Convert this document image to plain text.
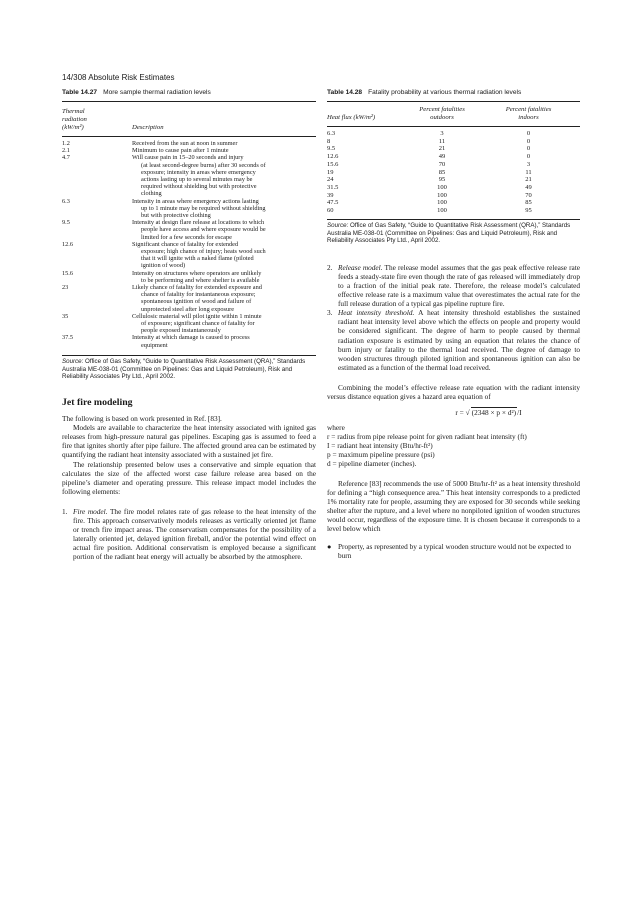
14/308 Absolute Risk Estimates
Table 14.27 More sample thermal radiation levels
Thermal
radiation
(kW/m²)	Description
1.2	Received from the sun at noon in summer
2.1	Minimum to cause pain after 1 minute
4.7	Will cause pain in 15–20 seconds and injury
(at least second-degree burns) after 30 seconds of
exposure; intensity in areas where emergency
actions lasting up to several minutes may be
required without shielding but with protective
clothing
6.3	Intensity in areas where emergency actions lasting
up to 1 minute may be required without shielding
but with protective clothing
9.5	Intensity at design flare release at locations to which
people have access and where exposure would be
limited for a few seconds for escape
12.6	Significant chance of fatality for extended
exposure; high chance of injury; heats wood such
that it will ignite with a naked flame (piloted
ignition of wood)
15.6	Intensity on structures where operators are unlikely
to be performing and where shelter is available
23	Likely chance of fatality for extended exposure and
chance of fatality for instantaneous exposure;
spontaneous ignition of wood and failure of
unprotected steel after long exposure
35	Cellulosic material will pilot ignite within 1 minute
of exposure; significant chance of fatality for
people exposed instantaneously
37.5	Intensity at which damage is caused to process
equipment
Source: Office of Gas Safety, “Guide to Quantitative Risk Assessment (QRA),” Standards Australia ME-038-01 (Committee on Pipelines: Gas and Liquid Petroleum), Risk and Reliability Associates Pty Ltd., April 2002.
Jet fire modeling

The following is based on work presented in Ref. [83].

Models are available to characterize the heat intensity associated with ignited gas releases from high-pressure natural gas pipelines. Escaping gas is assumed to feed a fire that ignites shortly after pipe failure. The affected ground area can be estimated by quantifying the radiant heat intensity associated with a sustained jet fire.

The relationship presented below uses a conservative and simple equation that calculates the size of the affected worst case failure release area based on the pipeline’s diameter and operating pressure. This release impact model includes the following elements:

1. Fire model. The fire model relates rate of gas release to the heat intensity of the fire. This approach conservatively models releases as vertically oriented jet flame or trench fire impact areas. The conservatism compensates for the possibility of a laterally oriented jet, delayed ignition fireball, and/or the potential wind effect on actual fire position. Additional conservatism is employed because a significant portion of the radiant heat energy will actually be absorbed by the atmosphere.
Table 14.28 Fatality probability at various thermal radiation levels
Heat flux (kW/m²)
Percent fatalities
outdoors
Percent fatalities
indoors
6.3	3	0
8	11	0
9.5	21	0
12.6	49	0
15.6	70	3
19	85	11
24	95	21
31.5	100	49
39	100	70
47.5	100	85
60	100	95
Source: Office of Gas Safety, “Guide to Quantitative Risk Assessment (QRA),” Standards Australia ME-038-01 (Committee on Pipelines: Gas and Liquid Petroleum), Risk and Reliability Associates Pty Ltd., April 2002.
2. Release model. The release model assumes that the gas peak effective release rate feeds a steady-state fire even though the rate of gas released will immediately drop to a fraction of the initial peak rate. Therefore, the release model’s calculated effective release rate is a maximum value that overestimates the actual rate for the full release duration of a typical gas pipeline rupture fire.
3. Heat intensity threshold. A heat intensity threshold establishes the sustained radiant heat intensity level above which the effects on people and property would be considered significant. The degree of harm to people caused by thermal radiation exposure is estimated by using an equation that relates the chance of burn injury or fatality to the thermal load received. The degree of damage to wooden structures through piloted ignition and spontaneous ignition can also be estimated as a function of the thermal load received.

Combining the model’s effective release rate equation with the radiant intensity versus distance equation gives a hazard area equation of

r = √ (2348 × p × d²)/I
where
r = radius from pipe release point for given radiant heat intensity (ft)
I = radiant heat intensity (Btu/hr-ft²)
p = maximum pipeline pressure (psi)
d = pipeline diameter (inches).

Reference [83] recommends the use of 5000 Btu/hr-ft² as a heat intensity threshold for defining a “high consequence area.” This heat intensity corresponds to a predicted 1% mortality rate for people, assuming they are exposed for 30 seconds while seeking shelter after the rupture, and a level where no nonpiloted ignition of wooden structures would occur, regardless of the exposure time. It is chosen because it corresponds to a level below which

● Property, as represented by a typical wooden structure would not be expected to burn
